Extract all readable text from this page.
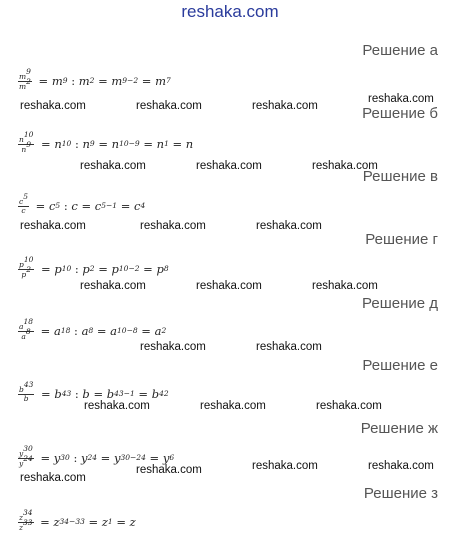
reshaka.com
Решение а
Решение б
Решение в
Решение г
Решение д
Решение е
Решение ж
Решение з
$\frac{m^9}{m^2} = m$ 9 : m 2 = m 9−2 = m 7
$\frac{n^{10}}{n^9} = n$ 10 : n 9 = n 10−9 = n 1 = n
$\frac{c^5}{c} = c$ 5 : c = c 5−1 = c 4
$\frac{p^{10}}{p^2} = p$ 10 : p 2 = p 10−2 = p 8
$\frac{a^{18}}{a^8} = a$ 18 : a 8 = a 10−8 = a 2
$\frac{b^{43}}{b} = b$ 43 : b = b 43−1 = b 42
$\frac{y^{30}}{y^{24}} = y$ 30 : y 24 = y 30−24 = y 6
$\frac{z^{34}}{z^{33}} = z$ 34−33 = z 1 = z
reshaka.com	reshaka.com	reshaka.com
reshaka.com
reshaka.com	reshaka.com	reshaka.com
reshaka.com	reshaka.com	reshaka.com
reshaka.com	reshaka.com	reshaka.com
reshaka.com	reshaka.com
reshaka.com	reshaka.com	reshaka.com
reshaka.com	reshaka.com	reshaka.com
reshaka.com
